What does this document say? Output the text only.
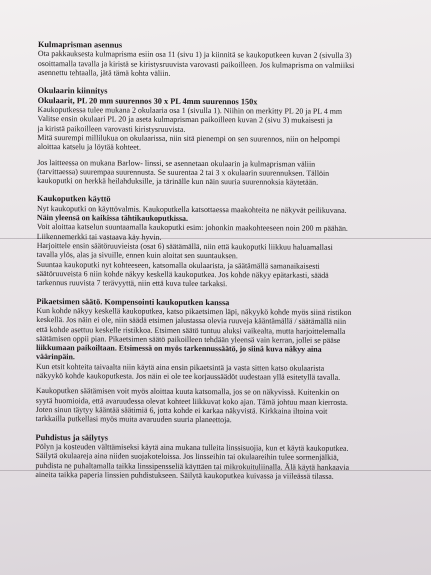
Kulmaprisman asennus

Ota pakkauksesta kulmaprisma esiin osa 11 (sivu 1) ja kiinnitä se kaukoputkeen kuvan 2 (sivulla 3)

osoittamalla tavalla ja kiristä se kiristysruuvista varovasti paikoilleen. Jos kulmaprisma on valmiiksi

asennettu tehtaalla, jätä tämä kohta väliin.

Okulaarin kiinnitys

Okulaarit, PL 20 mm suurennos 30 x PL 4mm suurennos 150x

Kaukoputkessa tulee mukana 2 okulaaria osa 1 (sivulla 1). Niihin on merkitty PL 20 ja PL 4 mm

Valitse ensin okulaari PL 20 ja aseta kulmaprisman paikoilleen kuvan 2 (sivu 3) mukaisesti ja

ja kiristä paikoilleen varovasti kiristysruuvista.

Mitä suurempi millilukua on okulaarissa, niin sitä pienempi on sen suurennos, niin on helpompi

aloittaa katselu ja löytää kohteet.

Jos laitteessa on mukana Barlow- linssi, se asennetaan okulaarin ja kulmaprisman väliin

(tarvittaessa) suurempaa suurennusta. Se suurentaa 2 tai 3 x okulaarin suurennuksen. Tällöin

kaukoputki on herkkä heilahduksille, ja tärinälle kun näin suuria suurennoksia käytetään.

Kaukoputken käyttö

Nyt kaukoputki on käyttövalmis. Kaukoputkella katsottaessa maakohteita ne näkyvät peilikuvana.

Näin yleensä on kaikissa tähtikaukoputkissa.

Voit aloittaa katselun suuntaamalla kaukoputki esim: johonkin maakohteeseen noin 200 m päähän.

Liikennemerkki tai vastaava käy hyvin.

Harjoittele ensin säätöruuvieista (osat 6) säätämällä, niin että kaukoputki liikkuu haluamallasi

tavalla ylös, alas ja sivuille, ennen kuin aloitat sen suuntauksen.

Suuntaa kaukoputki nyt kohteeseen, katsomalla okulaarista, ja säätämällä samanaikaisesti

säätöruuveista 6 niin kohde näkyy keskellä kaukoputkea. Jos kohde näkyy epätarkasti, säädä

tarkennus ruuvista 7 terävyyttä, niin että kuva tulee tarkaksi.

Pikaetsimen säätö. Kompensointi kaukoputken kanssa

Kun kohde näkyy keskellä kaukoputkea, katso pikaetsimen läpi, näkyykö kohde myös siinä ristikon

keskellä. Jos näin ei ole, niin säädä etsimen jalustassa olevia ruuveja kääntämällä / säätämällä niin

että kohde asettuu keskelle ristikkoa. Etsimen säätö tuntuu aluksi vaikealta, mutta harjoittelemalla

säätämisen oppii pian. Pikaetsimen säätö paikoilleen tehdään yleensä vain kerran, jollei se pääse

liikkumaan paikoiltaan. Etsimessä on myös tarkennussäätö, jo siinä kuva näkyy aina

väärinpäin.

Kun etsit kohteita taivaalta niin käytä aina ensin pikaetsintä ja vasta sitten katso okulaarista

näkyykö kohde kaukoputkesta. Jos näin ei ole tee korjaussäädöt uudestaan yllä esitetyllä tavalla.

Kaukoputken säätämisen voit myös aloittaa kuuta katsomalla, jos se on näkyvissä. Kuitenkin on

syytä huomioida, että avaruudessa olevat kohteet liikkuvat koko ajan. Tämä johtuu maan kierrosta.

Joten sinun täytyy kääntää säätimiä 6, jotta kohde ei karkaa näkyvistä. Kirkkaina iltoina voit

tarkkailla putkellasi myös muita avaruuden suuria planeettoja.

Puhdistus ja säilytys

Pölyn ja kosteuden välttämiseksi käytä aina mukana tulleita linssisuojia, kun et käytä kaukoputkea.

Säilytä okulaareja aina niiden suojakoteloissa. Jos linsseihin tai okulaareihin tulee sormenjälkiä,

puhdista ne puhaltamalla taikka linssipensseliä käyttäen tai mikrokuituliinalla. Älä käytä hankaavia

aineita taikka paperia linssien puhdistukseen. Säilytä kaukoputkea kuivassa ja viileässä tilassa.
